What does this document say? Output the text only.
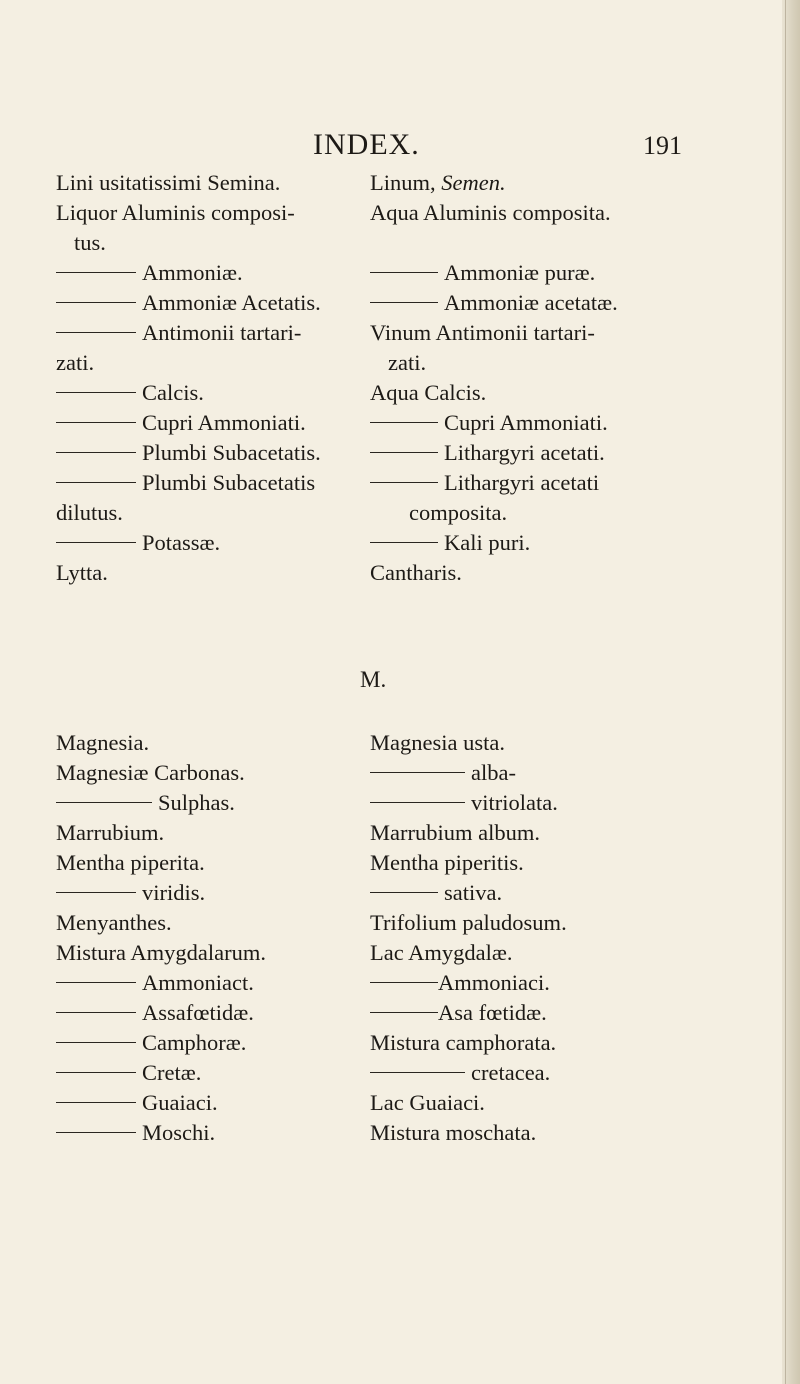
INDEX.	191
Lini usitatissimi Semina.	Linum, Semen.
Liquor Aluminis composi-	Aqua Aluminis composita.
tus.
Ammoniæ.	Ammoniæ puræ.
Ammoniæ Acetatis.	Ammoniæ acetatæ.
Antimonii tartari-	Vinum Antimonii tartari-
zati.	zati.
Calcis.	Aqua Calcis.
Cupri Ammoniati.	Cupri Ammoniati.
Plumbi Subacetatis.	Lithargyri acetati.
Plumbi Subacetatis	Lithargyri acetati
dilutus.	composita.
Potassæ.	Kali puri.
Lytta.	Cantharis.
M.
Magnesia.	Magnesia usta.
Magnesiæ Carbonas.	alba-
Sulphas.	vitriolata.
Marrubium.	Marrubium album.
Mentha piperita.	Mentha piperitis.
viridis.	sativa.
Menyanthes.	Trifolium paludosum.
Mistura Amygdalarum.	Lac Amygdalæ.
Ammoniact.	Ammoniaci.
Assafœtidæ.	Asa fœtidæ.
Camphoræ.	Mistura camphorata.
Cretæ.	cretacea.
Guaiaci.	Lac Guaiaci.
Moschi.	Mistura moschata.
